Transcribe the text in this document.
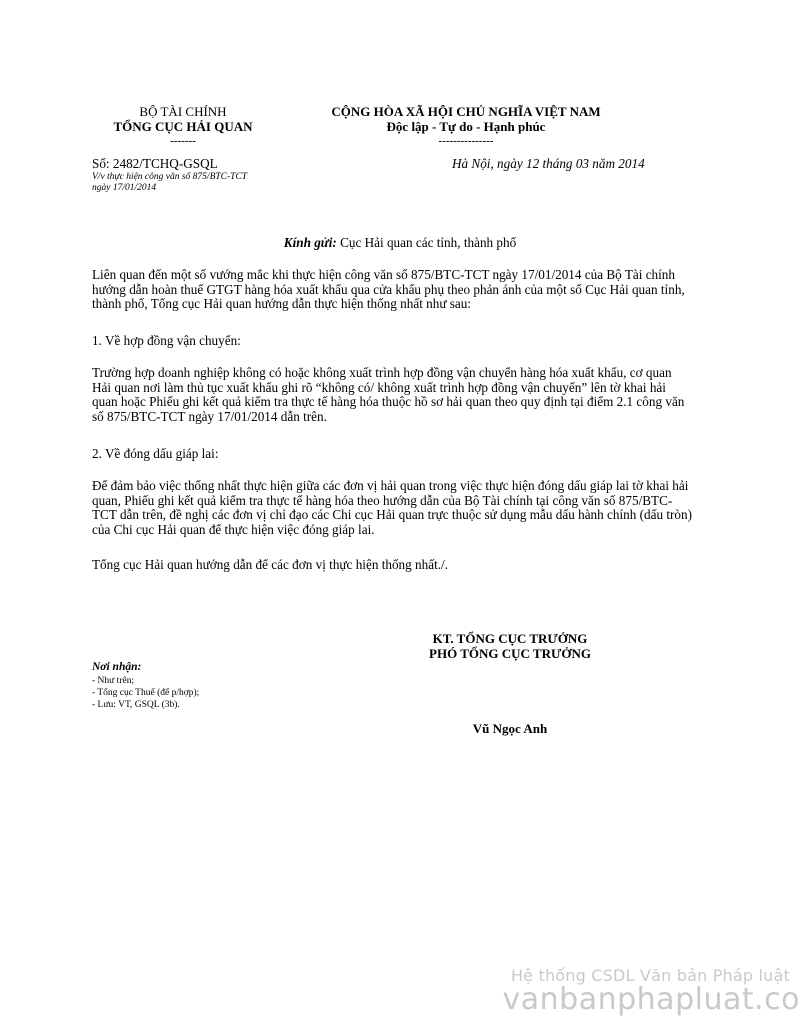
BỘ TÀI CHÍNH
TỔNG CỤC HẢI QUAN
-------
CỘNG HÒA XÃ HỘI CHỦ NGHĨA VIỆT NAM
Độc lập - Tự do - Hạnh phúc
---------------
Số: 2482/TCHQ-GSQL
V/v thực hiện công văn số 875/BTC-TCT
ngày 17/01/2014
Hà Nội, ngày 12 tháng 03 năm 2014
Kính gửi: Cục Hải quan các tỉnh, thành phố
Liên quan đến một số vướng mắc khi thực hiện công văn số 875/BTC-TCT ngày 17/01/2014 của Bộ Tài chính hướng dẫn hoàn thuế GTGT hàng hóa xuất khẩu qua cửa khẩu phụ theo phản ánh của một số Cục Hải quan tỉnh, thành phố, Tổng cục Hải quan hướng dẫn thực hiện thống nhất như sau:
1. Về hợp đồng vận chuyển:
Trường hợp doanh nghiệp không có hoặc không xuất trình hợp đồng vận chuyển hàng hóa xuất khẩu, cơ quan Hải quan nơi làm thủ tục xuất khẩu ghi rõ “không có/ không xuất trình hợp đồng vận chuyển” lên tờ khai hải quan hoặc Phiếu ghi kết quả kiểm tra thực tế hàng hóa thuộc hồ sơ hải quan theo quy định tại điểm 2.1 công văn số 875/BTC-TCT ngày 17/01/2014 dẫn trên.
2. Về đóng dấu giáp lai:
Để đảm bảo việc thống nhất thực hiện giữa các đơn vị hải quan trong việc thực hiện đóng dấu giáp lai tờ khai hải quan, Phiếu ghi kết quả kiểm tra thực tế hàng hóa theo hướng dẫn của Bộ Tài chính tại công văn số 875/BTC-TCT dẫn trên, đề nghị các đơn vị chỉ đạo các Chi cục Hải quan trực thuộc sử dụng mẫu dấu hành chính (dấu tròn) của Chi cục Hải quan để thực hiện việc đóng giáp lai.
Tổng cục Hải quan hướng dẫn để các đơn vị thực hiện thống nhất./.
KT. TỔNG CỤC TRƯỞNG
PHÓ TỔNG CỤC TRƯỞNG
Vũ Ngọc Anh
Nơi nhận:
- Như trên;
- Tổng cục Thuế (để p/hợp);
- Lưu: VT, GSQL (3b).
Hệ thống CSDL Văn bản Pháp luật
vanbanphapluat.co
